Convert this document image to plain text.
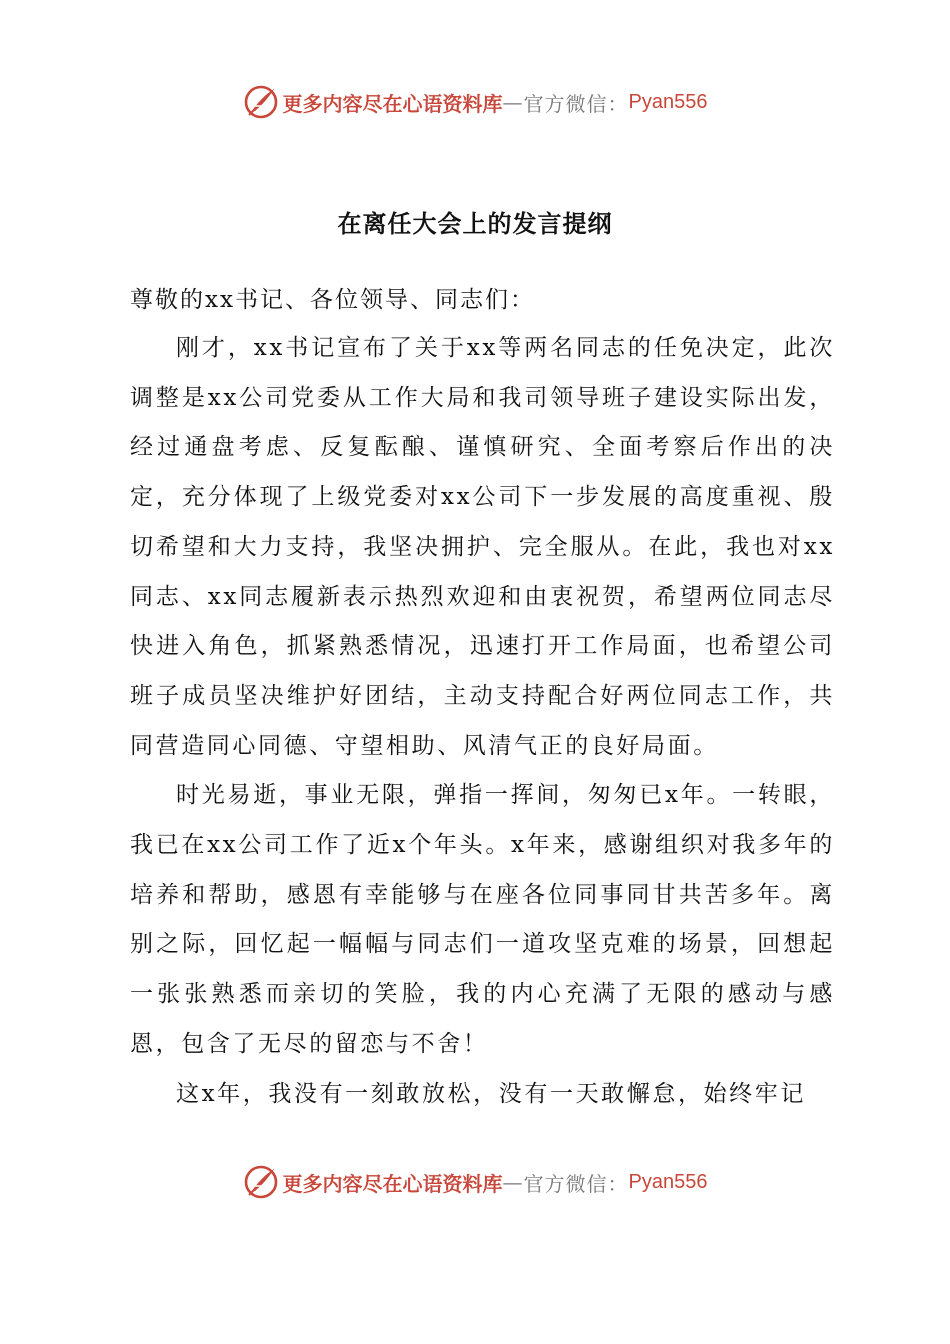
更多内容尽在心语资料库 — 官方微信： Pyan556
在离任大会上的发言提纲
尊敬的xx书记、各位领导、同志们：

刚才，xx书记宣布了关于xx等两名同志的任免决定，此次调整是xx公司党委从工作大局和我司领导班子建设实际出发，经过通盘考虑、反复酝酿、谨慎研究、全面考察后作出的决定，充分体现了上级党委对xx公司下一步发展的高度重视、殷切希望和大力支持，我坚决拥护、完全服从。在此，我也对xx同志、xx同志履新表示热烈欢迎和由衷祝贺，希望两位同志尽快进入角色，抓紧熟悉情况，迅速打开工作局面，也希望公司班子成员坚决维护好团结，主动支持配合好两位同志工作，共同营造同心同德、守望相助、风清气正的良好局面。

时光易逝，事业无限，弹指一挥间，匆匆已x年。一转眼，我已在xx公司工作了近x个年头。x年来，感谢组织对我多年的培养和帮助，感恩有幸能够与在座各位同事同甘共苦多年。离别之际，回忆起一幅幅与同志们一道攻坚克难的场景，回想起一张张熟悉而亲切的笑脸，我的内心充满了无限的感动与感恩，包含了无尽的留恋与不舍！

这x年，我没有一刻敢放松，没有一天敢懈怠，始终牢记

更多内容尽在心语资料库 — 官方微信： Pyan556
